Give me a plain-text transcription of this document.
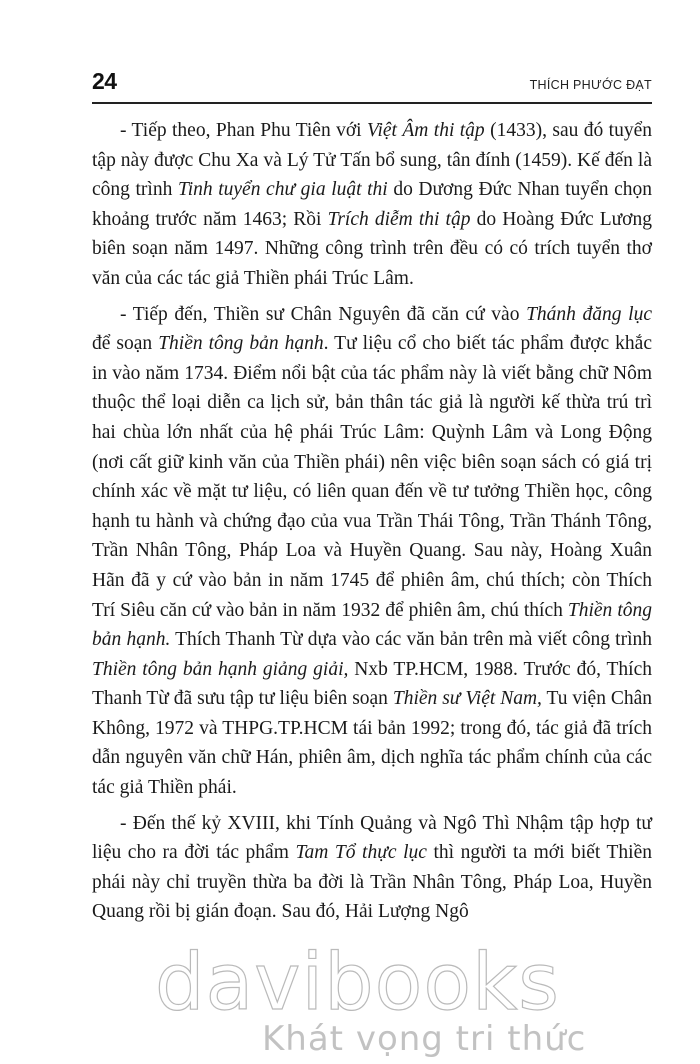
24	THÍCH PHƯỚC ĐẠT

- Tiếp theo, Phan Phu Tiên với Việt Âm thi tập (1433), sau đó tuyển tập này được Chu Xa và Lý Tử Tấn bổ sung, tân đính (1459). Kế đến là công trình Tinh tuyển chư gia luật thi do Dương Đức Nhan tuyển chọn khoảng trước năm 1463; Rồi Trích diễm thi tập do Hoàng Đức Lương biên soạn năm 1497. Những công trình trên đều có có trích tuyển thơ văn của các tác giả Thiền phái Trúc Lâm.

- Tiếp đến, Thiền sư Chân Nguyên đã căn cứ vào Thánh đăng lục để soạn Thiền tông bản hạnh. Tư liệu cổ cho biết tác phẩm được khắc in vào năm 1734. Điểm nổi bật của tác phẩm này là viết bằng chữ Nôm thuộc thể loại diễn ca lịch sử, bản thân tác giả là người kế thừa trú trì hai chùa lớn nhất của hệ phái Trúc Lâm: Quỳnh Lâm và Long Động (nơi cất giữ kinh văn của Thiền phái) nên việc biên soạn sách có giá trị chính xác về mặt tư liệu, có liên quan đến về tư tưởng Thiền học, công hạnh tu hành và chứng đạo của vua Trần Thái Tông, Trần Thánh Tông, Trần Nhân Tông, Pháp Loa và Huyền Quang. Sau này, Hoàng Xuân Hãn đã y cứ vào bản in năm 1745 để phiên âm, chú thích; còn Thích Trí Siêu căn cứ vào bản in năm 1932 để phiên âm, chú thích Thiền tông bản hạnh. Thích Thanh Từ dựa vào các văn bản trên mà viết công trình Thiền tông bản hạnh giảng giải, Nxb TP.HCM, 1988. Trước đó, Thích Thanh Từ đã sưu tập tư liệu biên soạn Thiền sư Việt Nam, Tu viện Chân Không, 1972 và THPG.TP.HCM tái bản 1992; trong đó, tác giả đã trích dẫn nguyên văn chữ Hán, phiên âm, dịch nghĩa tác phẩm chính của các tác giả Thiền phái.

- Đến thế kỷ XVIII, khi Tính Quảng và Ngô Thì Nhậm tập hợp tư liệu cho ra đời tác phẩm Tam Tổ thực lục thì người ta mới biết Thiền phái này chỉ truyền thừa ba đời là Trần Nhân Tông, Pháp Loa, Huyền Quang rồi bị gián đoạn. Sau đó, Hải Lượng Ngô

davibooks
Khát vọng tri thức
